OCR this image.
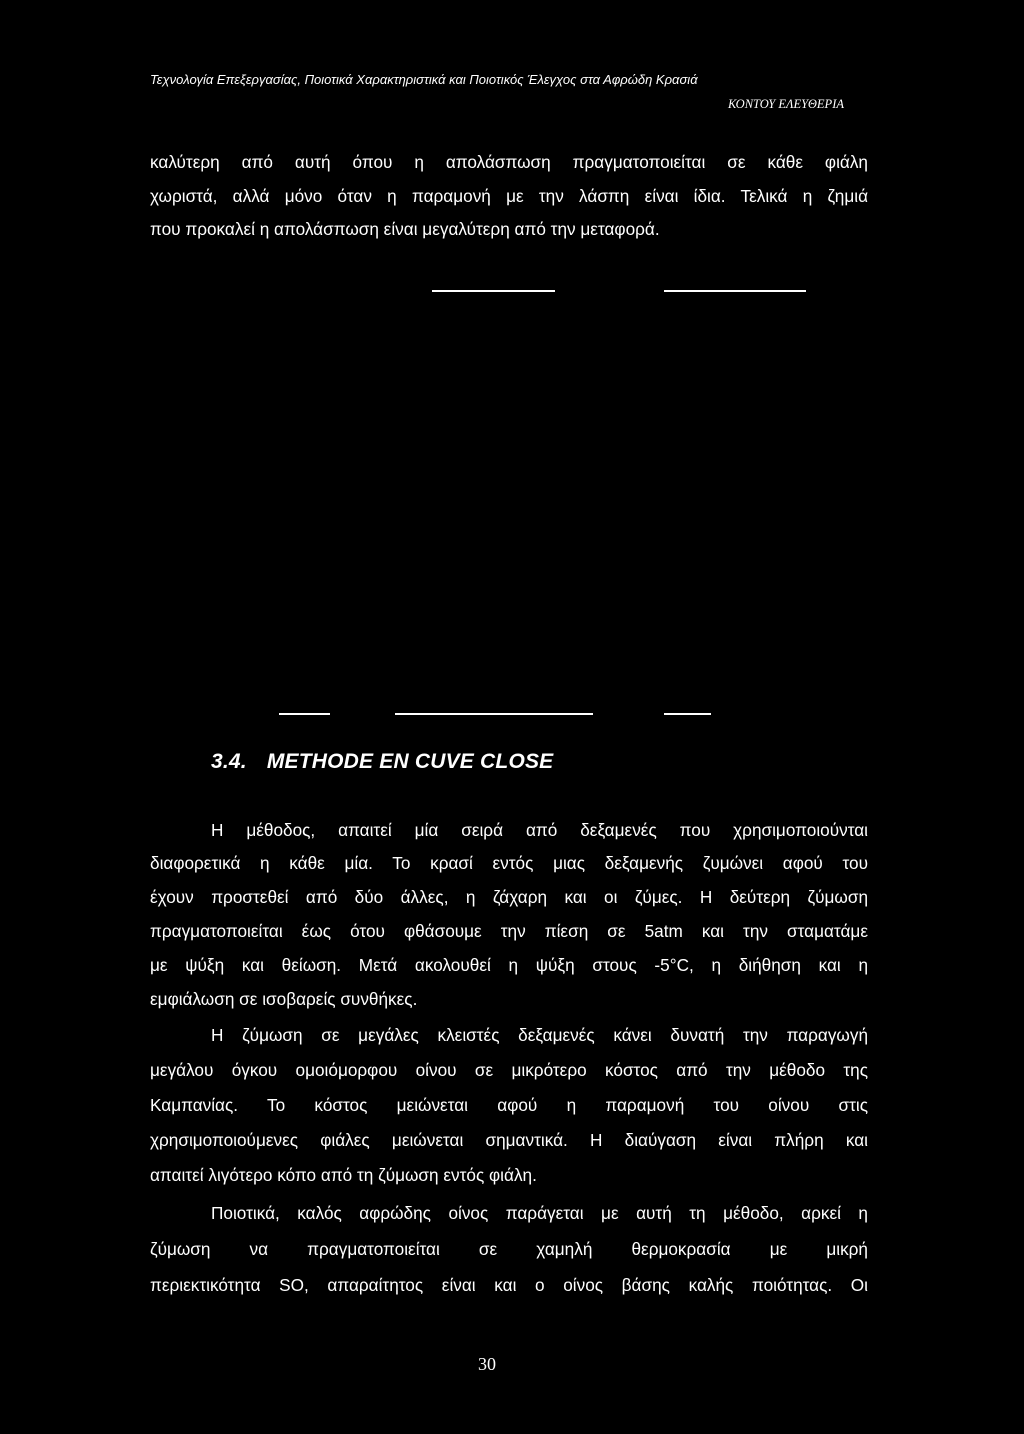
Τεχνολογία Επεξεργασίας, Ποιοτικά Χαρακτηριστικά και Ποιοτικός Έλεγχος στα Αφρώδη Κρασιά
ΚΟΝΤΟΥ ΕΛΕΥΘΕΡΙΑ
καλύτερη από αυτή όπου η απολάσπωση πραγματοποιείται σε κάθε φιάλη
χωριστά, αλλά μόνο όταν η παραμονή με την λάσπη είναι ίδια. Τελικά η ζημιά
που προκαλεί η απολάσπωση είναι μεγαλύτερη από την μεταφορά.
3.4. METHODE EN CUVE CLOSE
Η μέθοδος, απαιτεί μία σειρά από δεξαμενές που χρησιμοποιούνται
διαφορετικά η κάθε μία. Το κρασί εντός μιας δεξαμενής ζυμώνει αφού του
έχουν προστεθεί από δύο άλλες, η ζάχαρη και οι ζύμες. Η δεύτερη ζύμωση
πραγματοποιείται έως ότου φθάσουμε την πίεση σε 5atm και την σταματάμε
με ψύξη και θείωση. Μετά ακολουθεί η ψύξη στους -5°C, η διήθηση και η
εμφιάλωση σε ισοβαρείς συνθήκες.
Η ζύμωση σε μεγάλες κλειστές δεξαμενές κάνει δυνατή την παραγωγή
μεγάλου όγκου ομοιόμορφου οίνου σε μικρότερο κόστος από την μέθοδο της
Καμπανίας. Το κόστος μειώνεται αφού η παραμονή του οίνου στις
χρησιμοποιούμενες φιάλες μειώνεται σημαντικά. Η διαύγαση είναι πλήρη και
απαιτεί λιγότερο κόπο από τη ζύμωση εντός φιάλη.
Ποιοτικά, καλός αφρώδης οίνος παράγεται με αυτή τη μέθοδο, αρκεί η
ζύμωση να πραγματοποιείται σε χαμηλή θερμοκρασία με μικρή
περιεκτικότητα SO, απαραίτητος είναι και ο οίνος βάσης καλής ποιότητας. Οι
30
